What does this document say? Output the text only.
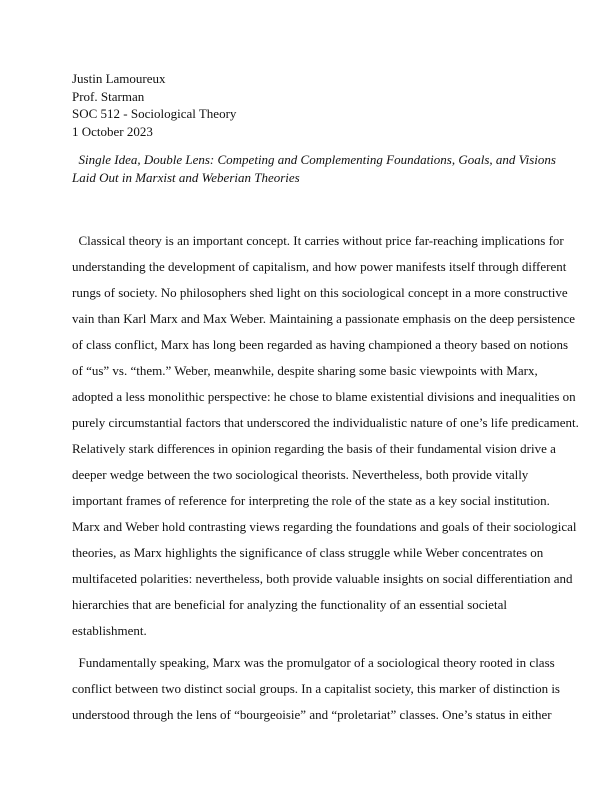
Justin Lamoureux
Prof. Starman
SOC 512 - Sociological Theory
1 October 2023
Single Idea, Double Lens: Competing and Complementing Foundations, Goals, and Visions
Laid Out in Marxist and Weberian Theories
Classical theory is an important concept. It carries without price far-reaching implications for
understanding the development of capitalism, and how power manifests itself through different
rungs of society. No philosophers shed light on this sociological concept in a more constructive
vain than Karl Marx and Max Weber. Maintaining a passionate emphasis on the deep persistence
of class conflict, Marx has long been regarded as having championed a theory based on notions
of “us” vs. “them.” Weber, meanwhile, despite sharing some basic viewpoints with Marx,
adopted a less monolithic perspective: he chose to blame existential divisions and inequalities on
purely circumstantial factors that underscored the individualistic nature of one’s life predicament.
Relatively stark differences in opinion regarding the basis of their fundamental vision drive a
deeper wedge between the two sociological theorists. Nevertheless, both provide vitally
important frames of reference for interpreting the role of the state as a key social institution.
Marx and Weber hold contrasting views regarding the foundations and goals of their sociological
theories, as Marx highlights the significance of class struggle while Weber concentrates on
multifaceted polarities: nevertheless, both provide valuable insights on social differentiation and
hierarchies that are beneficial for analyzing the functionality of an essential societal
establishment.
Fundamentally speaking, Marx was the promulgator of a sociological theory rooted in class
conflict between two distinct social groups. In a capitalist society, this marker of distinction is
understood through the lens of “bourgeoisie” and “proletariat” classes. One’s status in either
